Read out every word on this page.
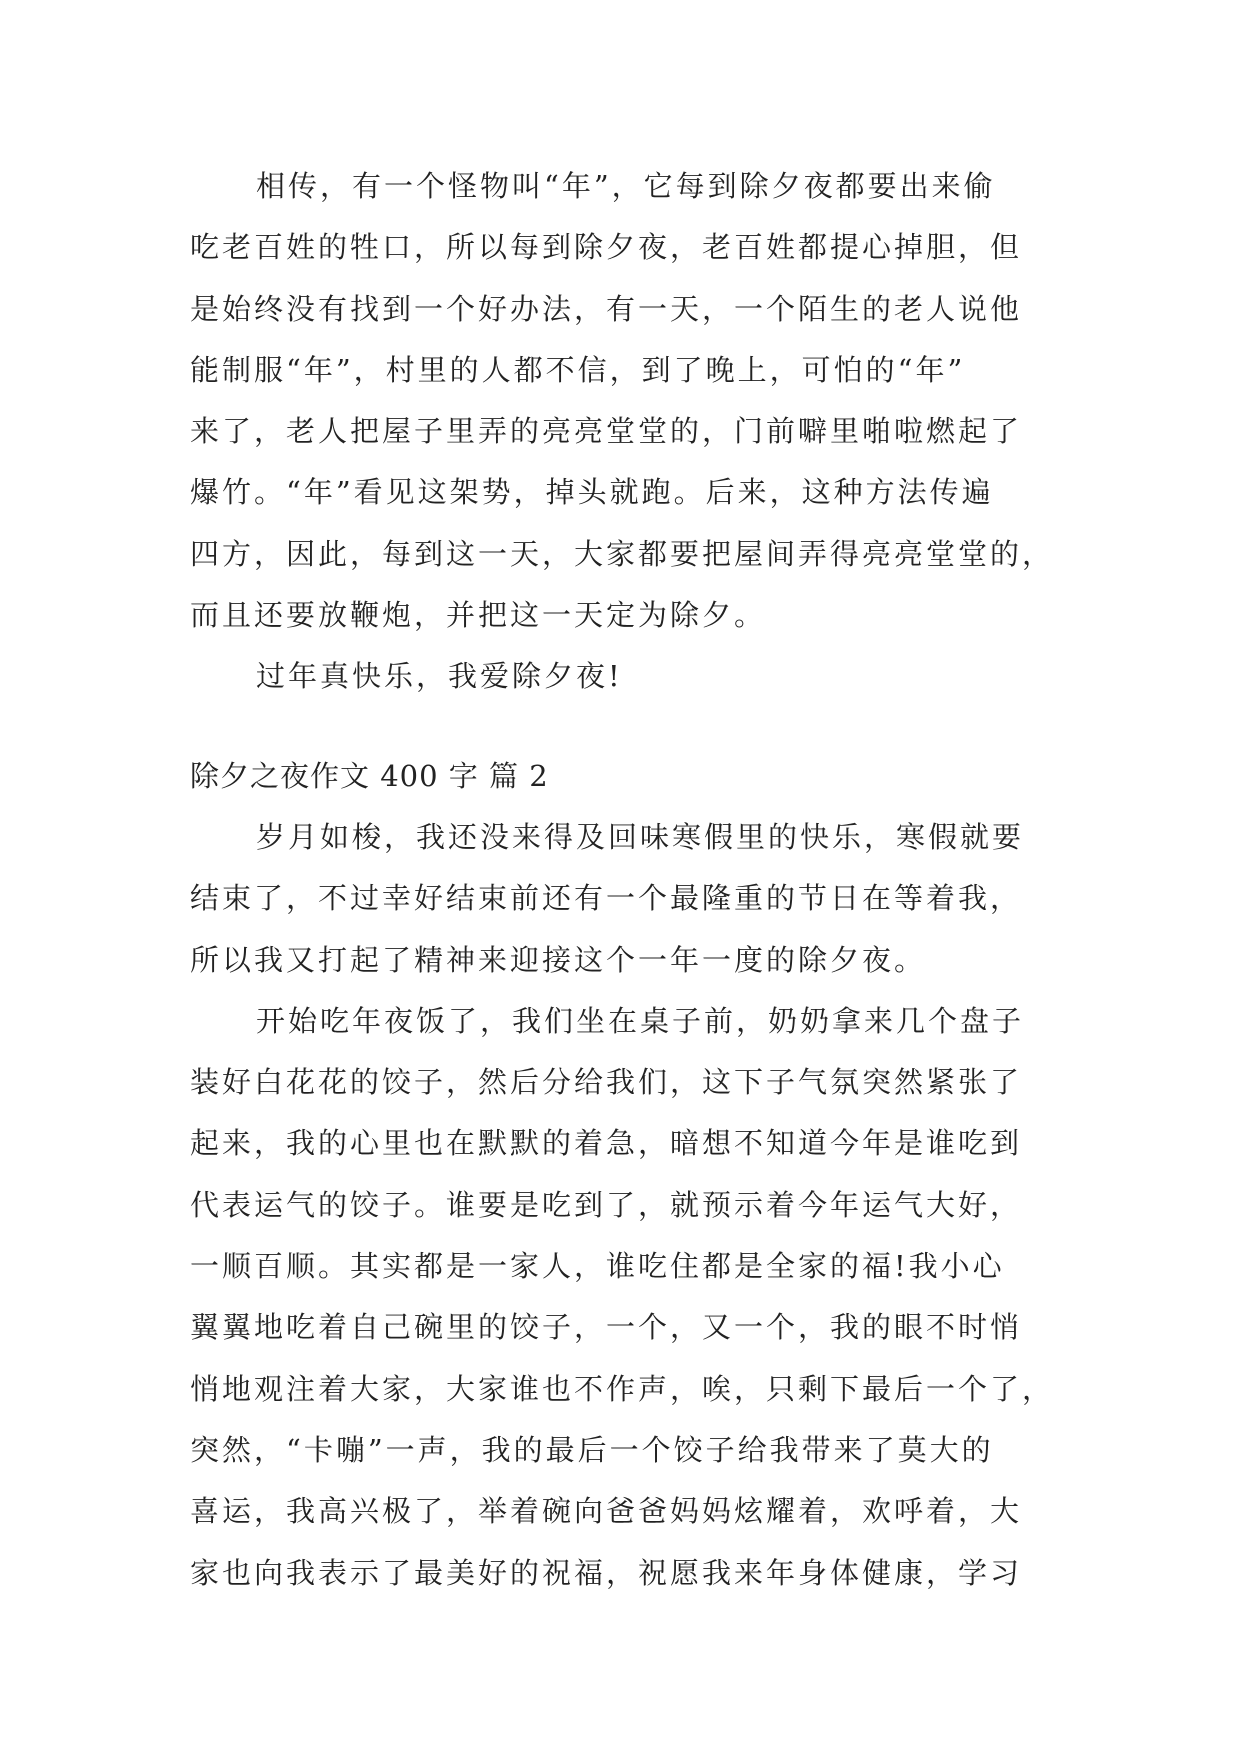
相传，有一个怪物叫“年”，它每到除夕夜都要出来偷
吃老百姓的牲口，所以每到除夕夜，老百姓都提心掉胆，但
是始终没有找到一个好办法，有一天，一个陌生的老人说他
能制服“年”，村里的人都不信，到了晚上，可怕的“年”
来了，老人把屋子里弄的亮亮堂堂的，门前噼里啪啦燃起了
爆竹。“年”看见这架势，掉头就跑。后来，这种方法传遍
四方，因此，每到这一天，大家都要把屋间弄得亮亮堂堂的，
而且还要放鞭炮，并把这一天定为除夕。
过年真快乐，我爱除夕夜!
除夕之夜作文 400 字 篇 2
岁月如梭，我还没来得及回味寒假里的快乐，寒假就要
结束了，不过幸好结束前还有一个最隆重的节日在等着我，
所以我又打起了精神来迎接这个一年一度的除夕夜。
开始吃年夜饭了，我们坐在桌子前，奶奶拿来几个盘子
装好白花花的饺子，然后分给我们，这下子气氛突然紧张了
起来，我的心里也在默默的着急，暗想不知道今年是谁吃到
代表运气的饺子。谁要是吃到了，就预示着今年运气大好，
一顺百顺。其实都是一家人，谁吃住都是全家的福!我小心
翼翼地吃着自己碗里的饺子，一个，又一个，我的眼不时悄
悄地观注着大家，大家谁也不作声，唉，只剩下最后一个了，
突然，“卡嘣”一声，我的最后一个饺子给我带来了莫大的
喜运，我高兴极了，举着碗向爸爸妈妈炫耀着，欢呼着，大
家也向我表示了最美好的祝福，祝愿我来年身体健康，学习
